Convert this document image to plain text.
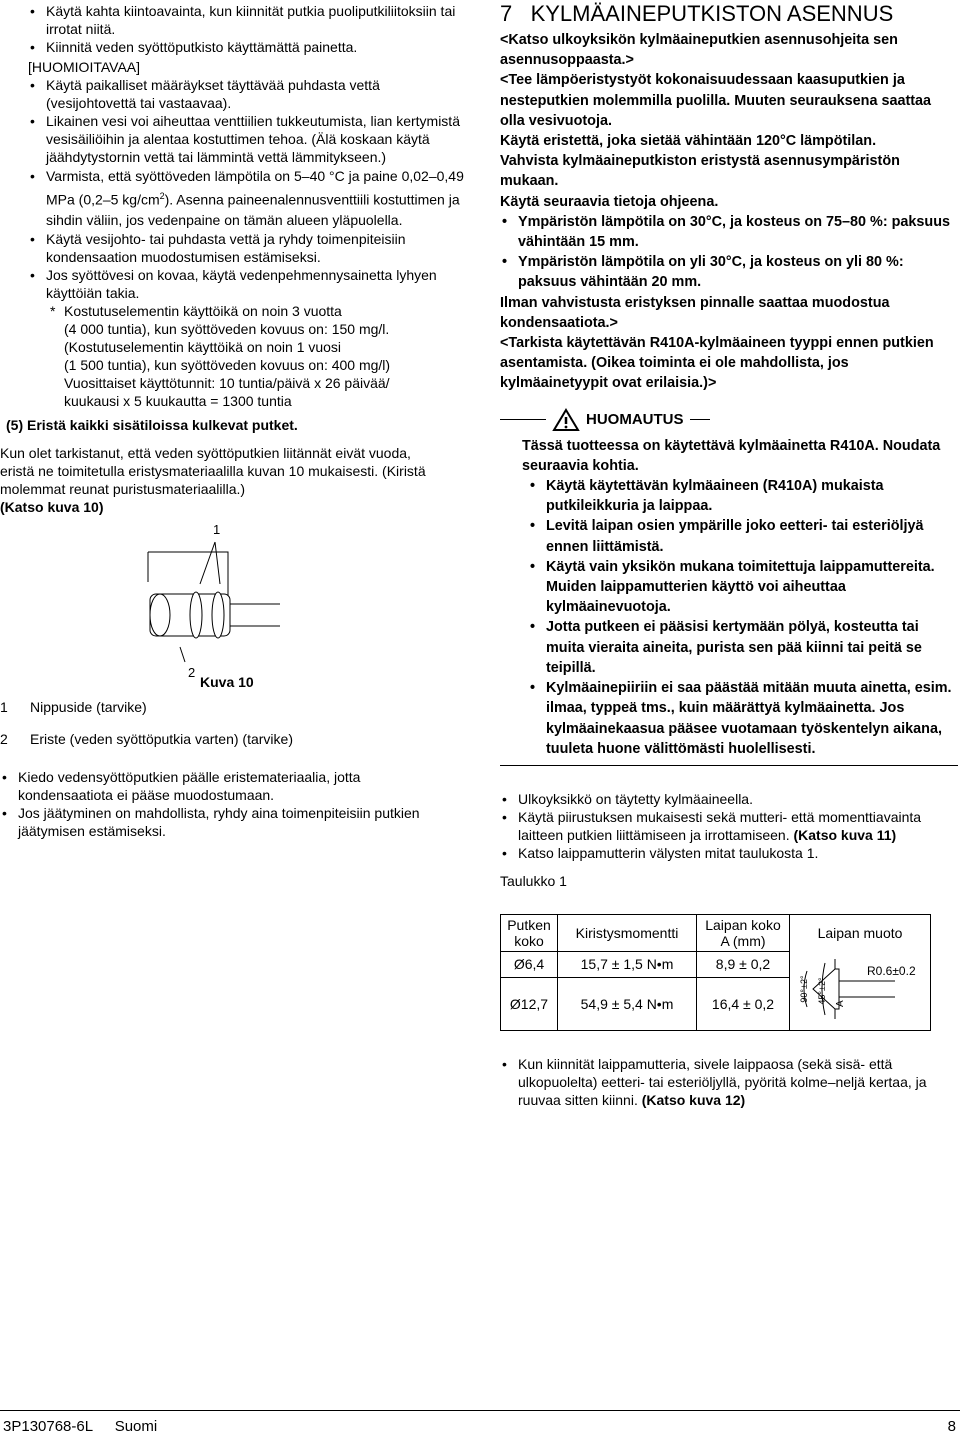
• Käytä kahta kiintoavainta, kun kiinnität putkia puoliputkiliitoksiin tai irrotat niitä.
• Kiinnitä veden syöttöputkisto käyttämättä painetta.

[HUOMIOITAVAA]

• Käytä paikalliset määräykset täyttävää puhdasta vettä (vesijohtovettä tai vastaavaa).
• Likainen vesi voi aiheuttaa venttiilien tukkeutumista, lian kertymistä vesisäiliöihin ja alentaa kostuttimen tehoa. (Älä koskaan käytä jäähdytystornin vettä tai lämmintä vettä lämmitykseen.)
• Varmista, että syöttöveden lämpötila on 5–40 °C ja paine 0,02–0,49 MPa (0,2–5 $kg/cm^2$). Asenna paineenalennusventtiili kostuttimen ja sihdin väliin, jos vedenpaine on tämän alueen yläpuolella.
• Käytä vesijohto- tai puhdasta vettä ja ryhdy toimenpiteisiin kondensaation muodostumisen estämiseksi.
• Jos syöttövesi on kovaa, käytä vedenpehmennysainetta lyhyen käyttöiän takia.
* Kostutuselementin käyttöikä on noin 3 vuotta

(4 000 tuntia), kun syöttöveden kovuus on: 150 mg/l.

(Kostutuselementin käyttöikä on noin 1 vuosi

(1 500 tuntia), kun syöttöveden kovuus on: 400 mg/l)

Vuosittaiset käyttötunnit: 10 tuntia/päivä x 26 päivää/

kuukausi x 5 kuukautta = 1300 tuntia

(5) Eristä kaikki sisätiloissa kulkevat putket.

Kun olet tarkistanut, että veden syöttöputkien liitännät eivät vuoda, eristä ne toimitetulla eristysmateriaalilla kuvan 10 mukaisesti. (Kiristä molemmat reunat puristusmateriaalilla.)
(Katso kuva 10)

1
2
Kuva 10
1	Nippuside (tarvike)
2	Eriste (veden syöttöputkia varten) (tarvike)
• Kiedo vedensyöttöputkien päälle eristemateriaalia, jotta kondensaatiota ei pääse muodostumaan.
• Jos jäätyminen on mahdollista, ryhdy aina toimenpiteisiin putkien jäätymisen estämiseksi.
7   KYLMÄAINEPUTKISTON ASENNUS

<Katso ulkoyksikön kylmäaineputkien asennusohjeita sen asennusoppaasta.>

<Tee lämpöeristystyöt kokonaisuudessaan kaasuputkien ja nesteputkien molemmilla puolilla. Muuten seurauksena saattaa olla vesivuotoja.

Käytä eristettä, joka sietää vähintään 120°C lämpötilan.

Vahvista kylmäaineputkiston eristystä asennusympäristön mukaan.

Käytä seuraavia tietoja ohjeena.

• Ympäristön lämpötila on 30°C, ja kosteus on 75–80 %: paksuus vähintään 15 mm.
• Ympäristön lämpötila on yli 30°C, ja kosteus on yli 80 %: paksuus vähintään 20 mm.

Ilman vahvistusta eristyksen pinnalle saattaa muodostua kondensaatiota.>

<Tarkista käytettävän R410A-kylmäaineen tyyppi ennen putkien asentamista. (Oikea toiminta ei ole mahdollista, jos kylmäainetyypit ovat erilaisia.)>

HUOMAUTUS

Tässä tuotteessa on käytettävä kylmäainetta R410A. Noudata seuraavia kohtia.

• Käytä käytettävän kylmäaineen (R410A) mukaista putkileikkuria ja laippaa.
• Levitä laipan osien ympärille joko eetteri- tai esteriöljyä ennen liittämistä.
• Käytä vain yksikön mukana toimitettuja laippamuttereita. Muiden laippamutterien käyttö voi aiheuttaa kylmäainevuotoja.
• Jotta putkeen ei pääsisi kertymään pölyä, kosteutta tai muita vieraita aineita, purista sen pää kiinni tai peitä se teipillä.
• Kylmäainepiiriin ei saa päästää mitään muuta ainetta, esim. ilmaa, typpeä tms., kuin määrättyä kylmäainetta. Jos kylmäainekaasua pääsee vuotamaan työskentelyn aikana, tuuleta huone välittömästi huolellisesti.
• Ulkoyksikkö on täytetty kylmäaineella.
• Käytä piirustuksen mukaisesti sekä mutteri- että momenttiavainta laitteen putkien liittämiseen ja irrottamiseen. (Katso kuva 11)
• Katso laippamutterin välysten mitat taulukosta 1.

Taulukko 1

Putken koko	Kiristysmomentti	Laipan koko A (mm)	Laipan muoto
Ø6,4	15,7 ± 1,5 N•m	8,9 ± 0,2	45°±2°
90°±2°
A
R0.6±0.2

Ø12,7	54,9 ± 5,4 N•m	16,4 ± 0,2	
• Kun kiinnität laippamutteria, sivele laippaosa (sekä sisä- että ulkopuolelta) eetteri- tai esteriöljyllä, pyöritä kolme–neljä kertaa, ja ruuvaa sitten kiinni. (Katso kuva 12)
3P130768-6L Suomi	8
